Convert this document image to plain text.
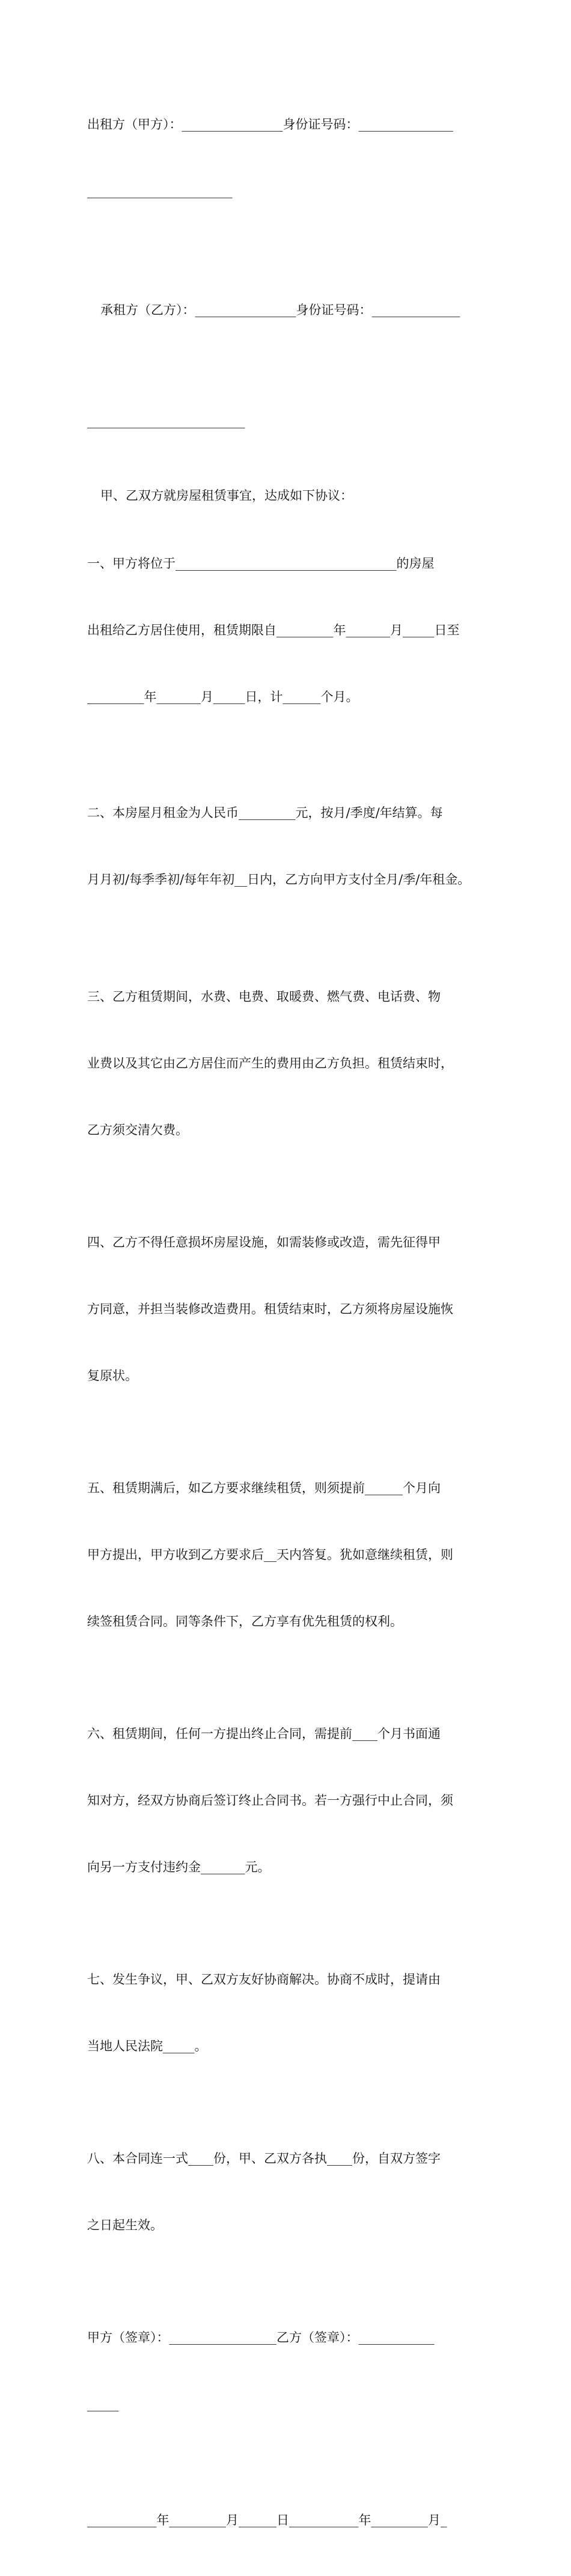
出租方（甲方）：________________身份证号码：_______________

_______________________

承租方（乙方）：________________身份证号码：______________

_________________________

甲、乙双方就房屋租赁事宜，达成如下协议：

一、甲方将位于___________________________________的房屋

出租给乙方居住使用，租赁期限自_________年_______月_____日至

_________年_______月_____日，计______个月。

二、本房屋月租金为人民币_________元，按月/季度/年结算。每

月月初/每季季初/每年年初__日内，乙方向甲方支付全月/季/年租金。

三、乙方租赁期间，水费、电费、取暖费、燃气费、电话费、物

业费以及其它由乙方居住而产生的费用由乙方负担。租赁结束时，

乙方须交清欠费。

四、乙方不得任意损坏房屋设施，如需装修或改造，需先征得甲

方同意，并担当装修改造费用。租赁结束时，乙方须将房屋设施恢

复原状。

五、租赁期满后，如乙方要求继续租赁，则须提前______个月向

甲方提出，甲方收到乙方要求后__天内答复。犹如意继续租赁，则

续签租赁合同。同等条件下，乙方享有优先租赁的权利。

六、租赁期间，任何一方提出终止合同，需提前____个月书面通

知对方，经双方协商后签订终止合同书。若一方强行中止合同，须

向另一方支付违约金_______元。

七、发生争议，甲、乙双方友好协商解决。协商不成时，提请由

当地人民法院_____。

八、本合同连一式____份，甲、乙双方各执____份，自双方签字

之日起生效。

甲方（签章）：_________________乙方（签章）：____________

_____

___________年_________月______日___________年_________月_
